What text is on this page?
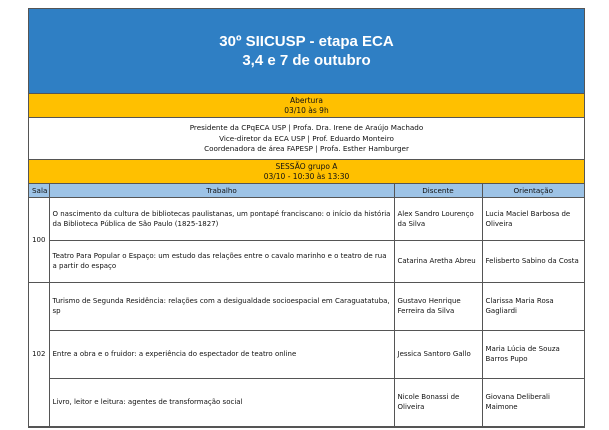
30º SIICUSP - etapa ECA
3,4 e 7 de outubro
Abertura
03/10 às 9h
Presidente da CPqECA USP | Profa. Dra. Irene de Araújo Machado
Vice-diretor da ECA USP | Prof. Eduardo Monteiro
Coordenadora de área FAPESP | Profa. Esther Hamburger
SESSÃO grupo A
03/10 - 10:30 às 13:30
Sala	Trabalho	Discente	Orientação
100	O nascimento da cultura de bibliotecas paulistanas, um pontapé franciscano: o início da história da Biblioteca Pública de São Paulo (1825-1827)	Alex Sandro Lourenço da Silva	Lucia Maciel Barbosa de Oliveira
	Teatro Para Popular o Espaço: um estudo das relações entre o cavalo marinho e o teatro de rua a partir do espaço	Catarina Aretha Abreu	Felisberto Sabino da Costa
102	Turismo de Segunda Residência: relações com a desigualdade socioespacial em Caraguatatuba, sp	Gustavo Henrique Ferreira da Silva	Clarissa Maria Rosa Gagliardi
	Entre a obra e o fruidor: a experiência do espectador de teatro online	Jessica Santoro Gallo	Maria Lúcia de Souza Barros Pupo
	Livro, leitor e leitura: agentes de transformação social	Nicole Bonassi de Oliveira	Giovana Deliberali Maimone
